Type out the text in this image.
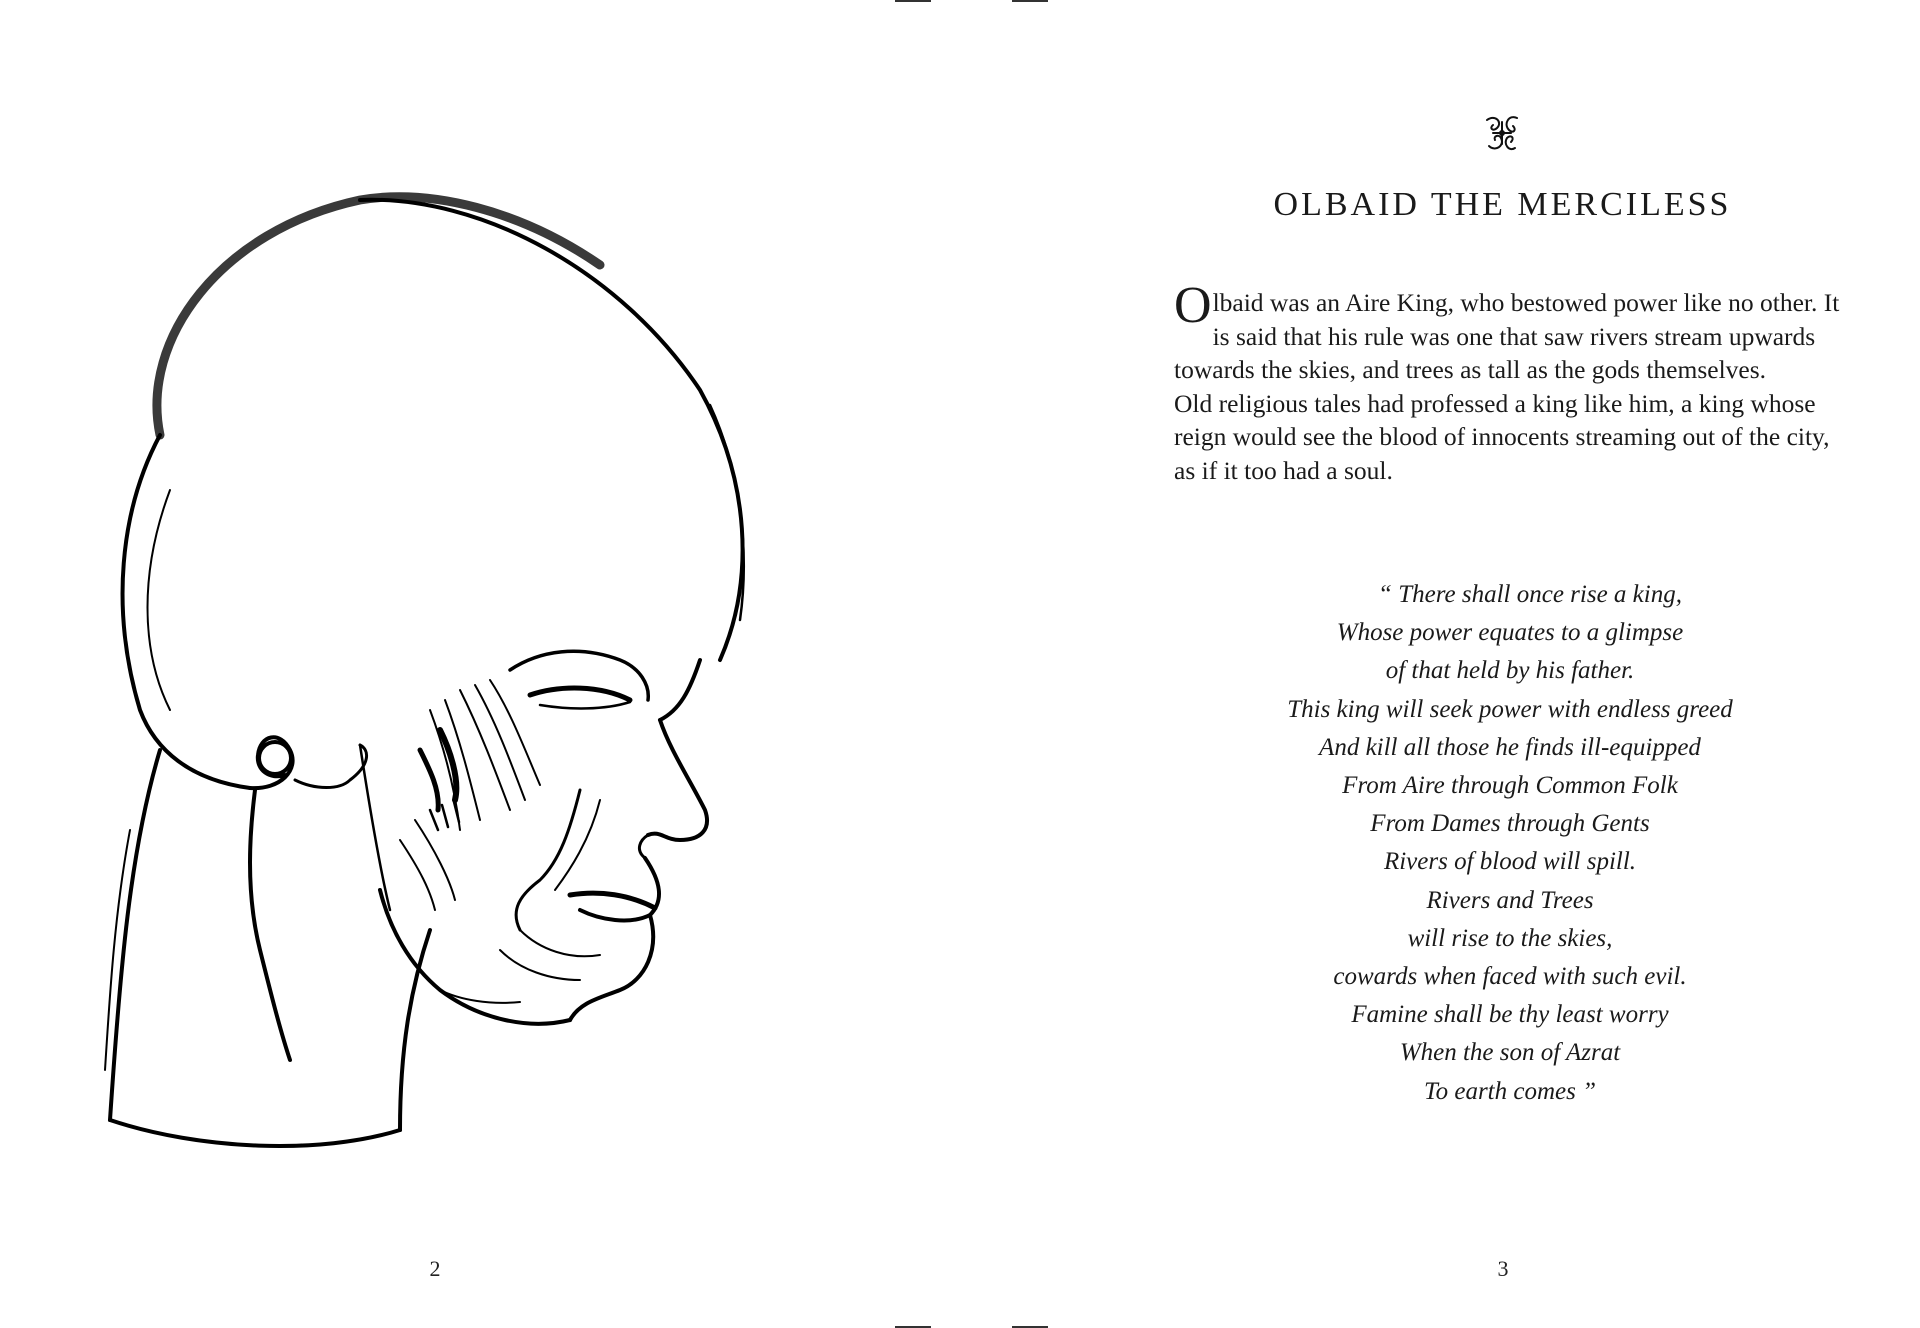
2
OLBAID THE MERCILESS

Olbaid was an Aire King, who bestowed power like no other. It is said that his rule was one that saw rivers stream upwards towards the skies, and trees as tall as the gods themselves.

Old religious tales had professed a king like him, a king whose reign would see the blood of innocents streaming out of the city, as if it too had a soul.

“ There shall once rise a king,
Whose power equates to a glimpse
of that held by his father.
This king will seek power with endless greed
And kill all those he finds ill-equipped
From Aire through Common Folk
From Dames through Gents
Rivers of blood will spill.
Rivers and Trees
will rise to the skies,
cowards when faced with such evil.
Famine shall be thy least worry
When the son of Azrat
To earth comes ”
3
